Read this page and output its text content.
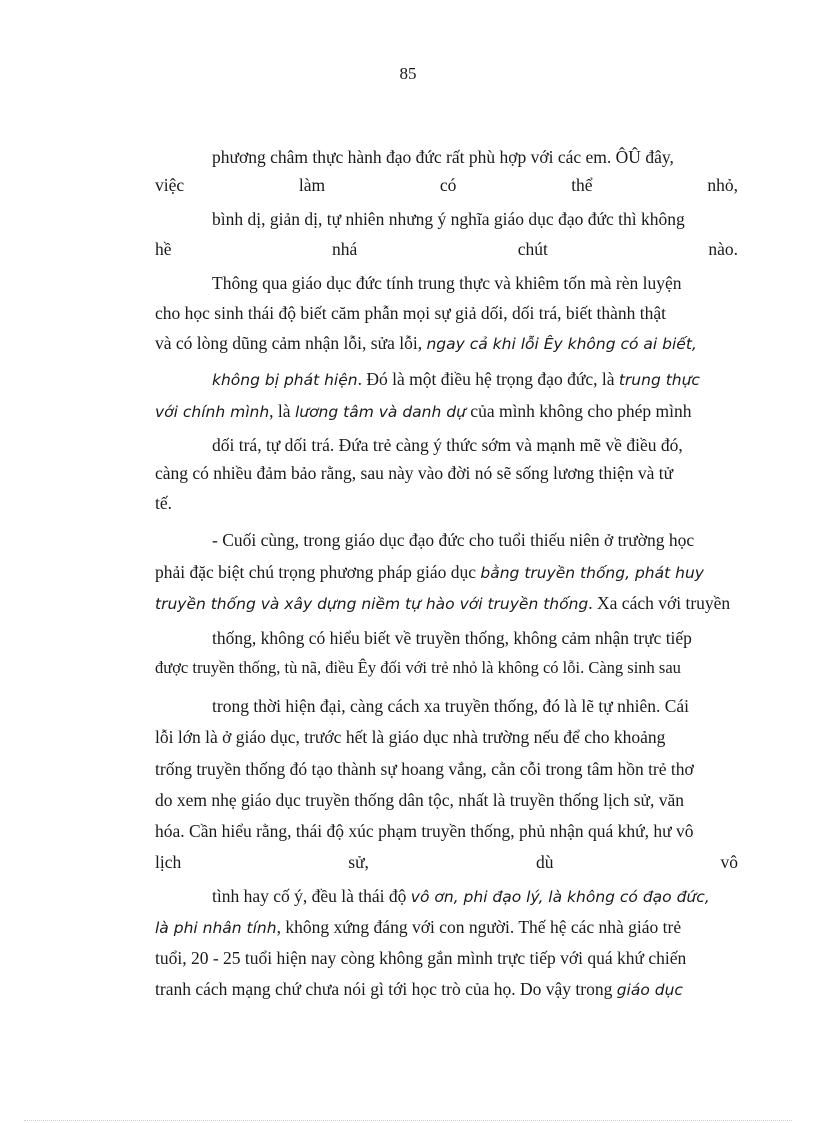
85
phương châm thực hành đạo đức rất phù hợp với các em. ÔÛ đây,
việc	làm	có	thể	nhỏ,
bình dị, giản dị, tự nhiên nhưng ý nghĩa giáo dục đạo đức thì không
hề	nhá	chút	nào.
Thông qua giáo dục đức tính trung thực và khiêm tốn mà rèn luyện
cho học sinh thái độ biết căm phẫn mọi sự giả dối, dối trá, biết thành thật
và có lòng dũng cảm nhận lỗi, sửa lỗi, ngay cả khi lỗi Êy không có ai biết,
không bị phát hiện. Đó là một điều hệ trọng đạo đức, là trung thực
với chính mình, là lương tâm và danh dự của mình không cho phép mình
dối trá, tự dối trá. Đứa trẻ càng ý thức sớm và mạnh mẽ về điều đó,
càng có nhiều đảm bảo rằng, sau này vào đời nó sẽ sống lương thiện và tử
tế.
- Cuối cùng, trong giáo dục đạo đức cho tuổi thiếu niên ở trường học
phải đặc biệt chú trọng phương pháp giáo dục bằng truyền thống, phát huy
truyền thống và xây dựng niềm tự hào với truyền thống. Xa cách với truyền
thống, không có hiểu biết về truyền thống, không cảm nhận trực tiếp
được truyền thống, tù nã, điều Êy đối với trẻ nhỏ là không có lỗi. Càng sinh sau
trong thời hiện đại, càng cách xa truyền thống, đó là lẽ tự nhiên. Cái
lỗi lớn là ở giáo dục, trước hết là giáo dục nhà trường nếu để cho khoảng
trống truyền thống đó tạo thành sự hoang vắng, cằn cỗi trong tâm hồn trẻ thơ
do xem nhẹ giáo dục truyền thống dân tộc, nhất là truyền thống lịch sử, văn
hóa. Cần hiểu rằng, thái độ xúc phạm truyền thống, phủ nhận quá khứ, hư vô
lịch	sử,	dù	vô
tình hay cố ý, đều là thái độ vô ơn, phi đạo lý, là không có đạo đức,
là phi nhân tính, không xứng đáng với con người. Thế hệ các nhà giáo trẻ
tuổi, 20 - 25 tuổi hiện nay còng không gắn mình trực tiếp với quá khứ chiến
tranh cách mạng chứ chưa nói gì tới học trò của họ. Do vậy trong giáo dục
